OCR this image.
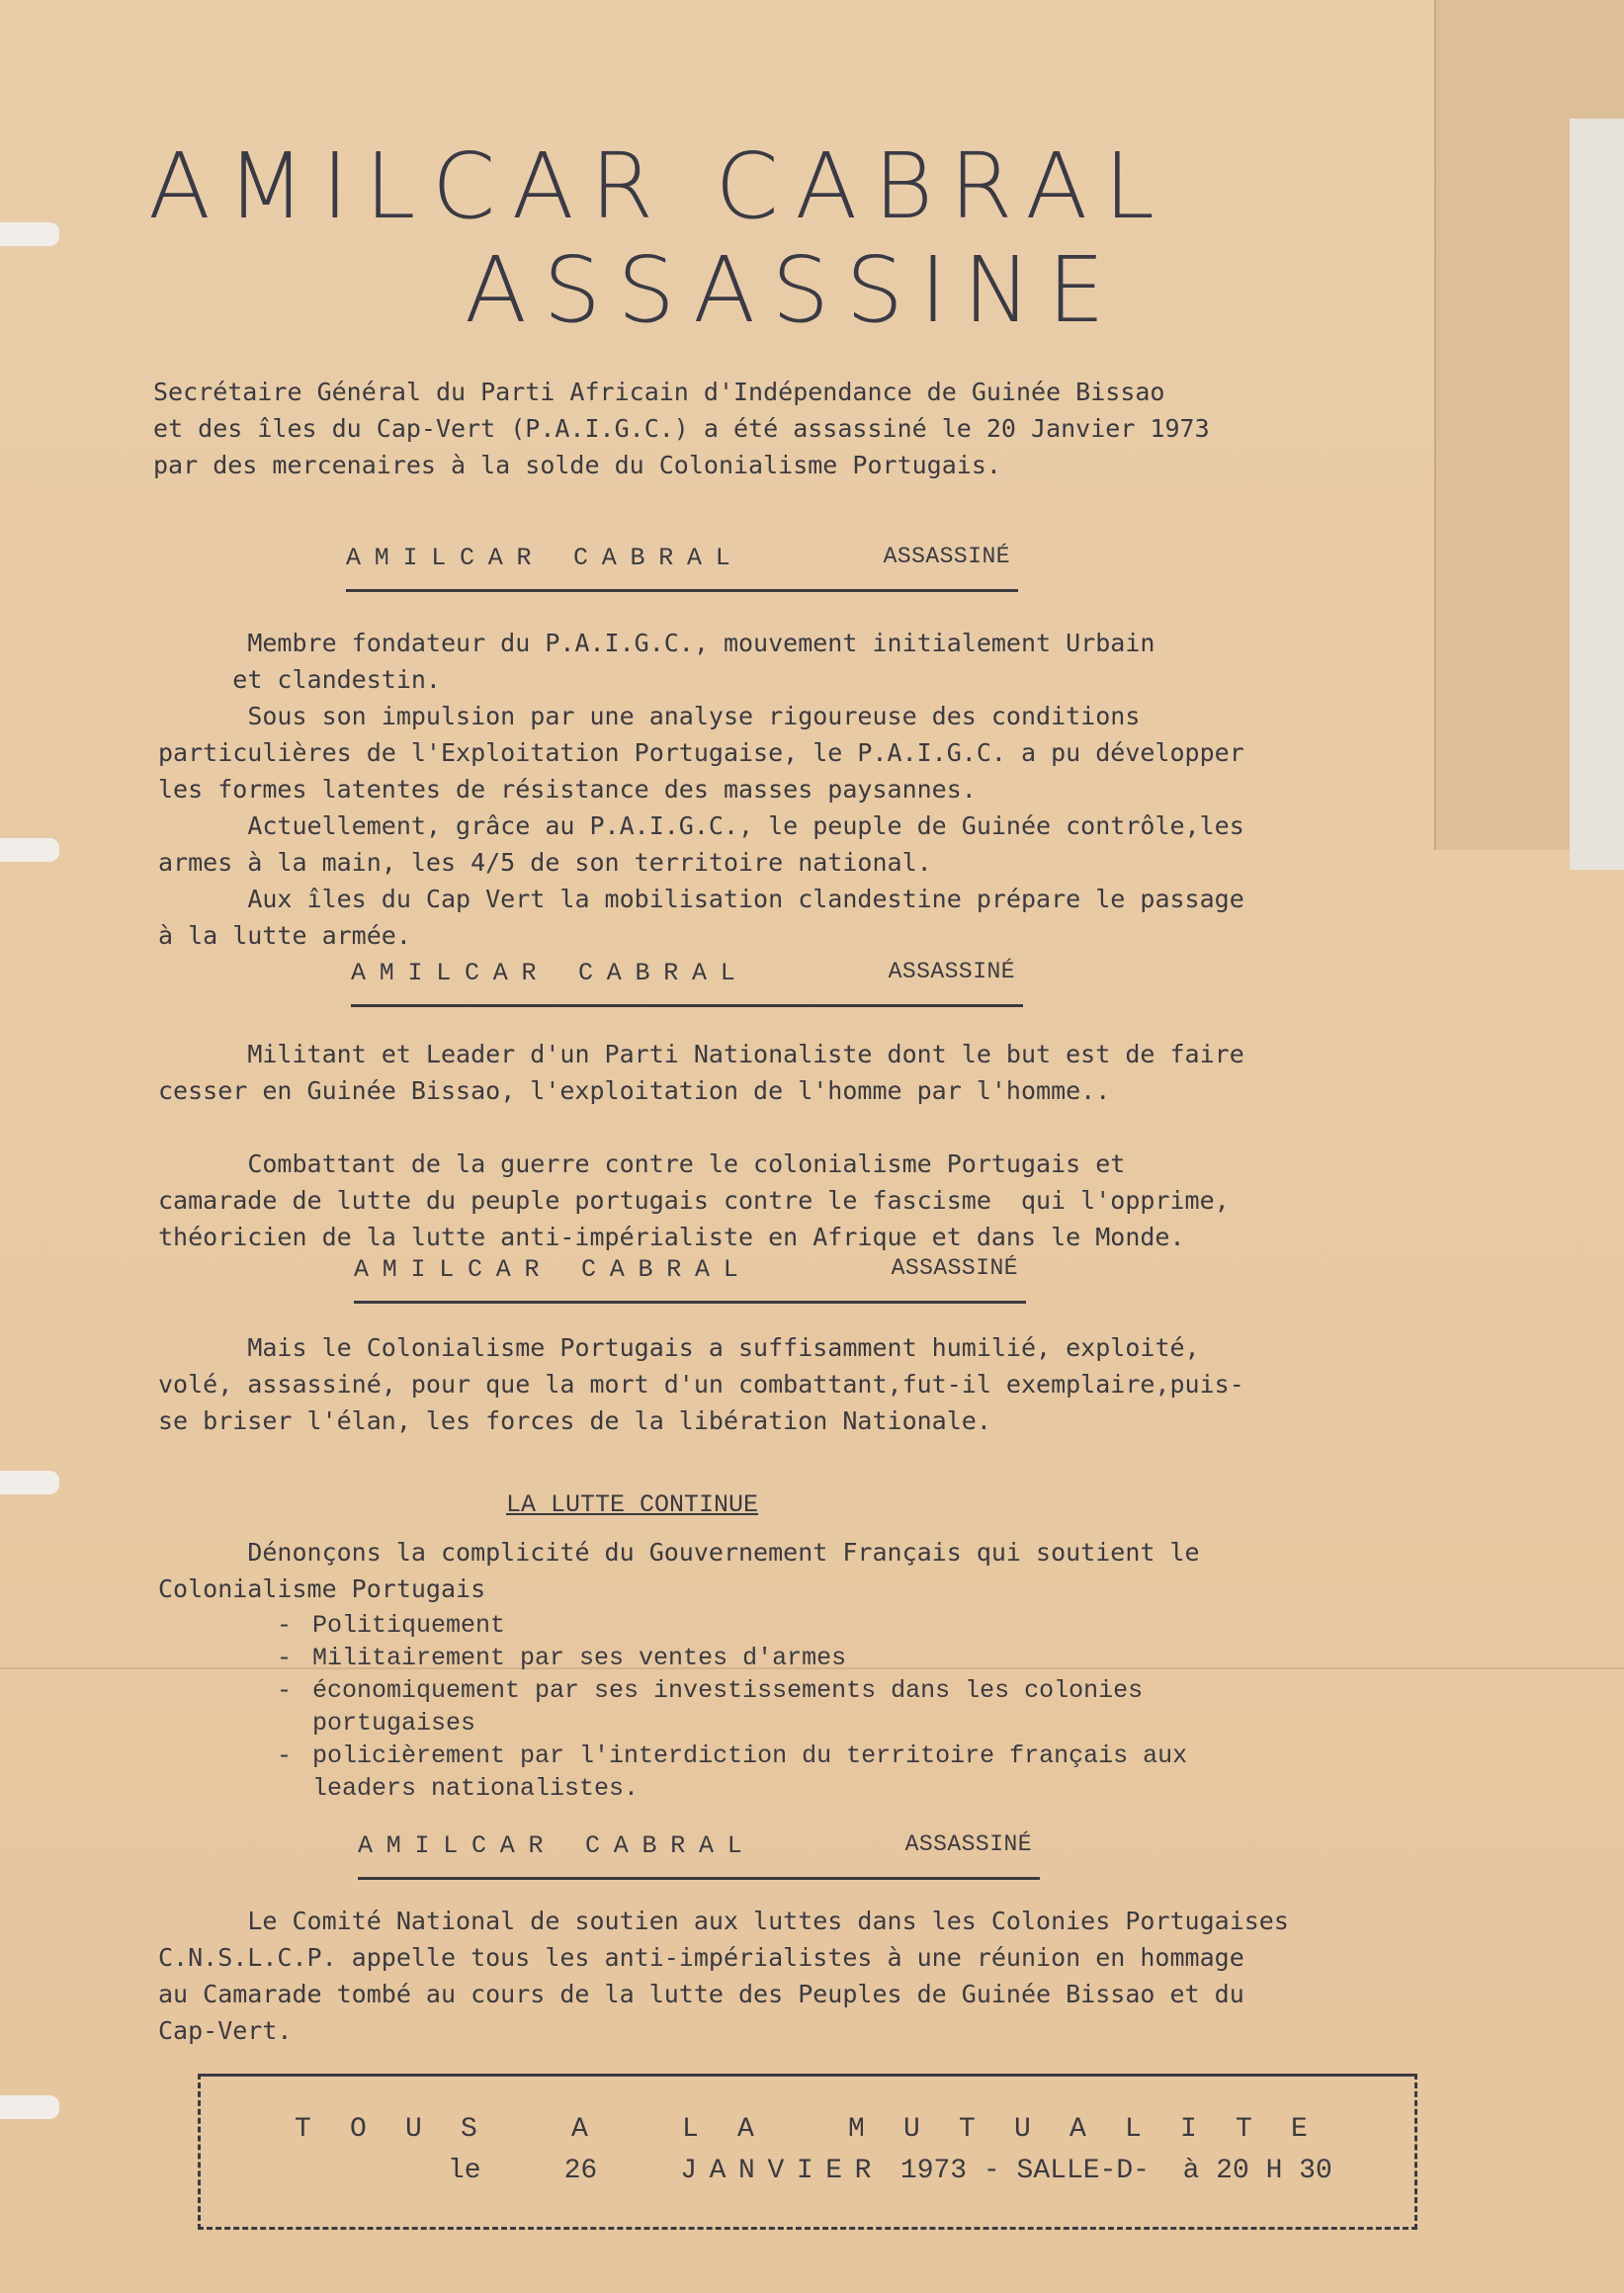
AMILCAR CABRAL
ASSASSINE
Secrétaire Général du Parti Africain d'Indépendance de Guinée Bissao
et des îles du Cap-Vert (P.A.I.G.C.) a été assassiné le 20 Janvier 1973
par des mercenaires à la solde du Colonialisme Portugais.
AMILCAR CABRAL	ASSASSINÉ
Membre fondateur du P.A.I.G.C., mouvement initialement Urbain
et clandestin.
Sous son impulsion par une analyse rigoureuse des conditions
particulières de l'Exploitation Portugaise, le P.A.I.G.C. a pu développer
les formes latentes de résistance des masses paysannes.
Actuellement, grâce au P.A.I.G.C., le peuple de Guinée contrôle,les
armes à la main, les 4/5 de son territoire national.
Aux îles du Cap Vert la mobilisation clandestine prépare le passage
à la lutte armée.
AMILCAR CABRAL	ASSASSINÉ
Militant et Leader d'un Parti Nationaliste dont le but est de faire
cesser en Guinée Bissao, l'exploitation de l'homme par l'homme..

Combattant de la guerre contre le colonialisme Portugais et
camarade de lutte du peuple portugais contre le fascisme  qui l'opprime,
théoricien de la lutte anti-impérialiste en Afrique et dans le Monde.
AMILCAR CABRAL	ASSASSINÉ
Mais le Colonialisme Portugais a suffisamment humilié, exploité,
volé, assassiné, pour que la mort d'un combattant,fut-il exemplaire,puis-
se briser l'élan, les forces de la libération Nationale.
LA LUTTE CONTINUE
Dénonçons la complicité du Gouvernement Français qui soutient le
Colonialisme Portugais
- Politiquement
- Militairement par ses ventes d'armes
- économiquement par ses investissements dans les colonies
portugaises
- policièrement par l'interdiction du territoire français aux
leaders nationalistes.
AMILCAR CABRAL	ASSASSINÉ
Le Comité National de soutien aux luttes dans les Colonies Portugaises
C.N.S.L.C.P. appelle tous les anti-impérialistes à une réunion en hommage
au Camarade tombé au cours de la lutte des Peuples de Guinée Bissao et du
Cap-Vert.
TOUS A LA MUTUALITE
le	26	JANVIER 1973 - SALLE-D- à 20 H 30
